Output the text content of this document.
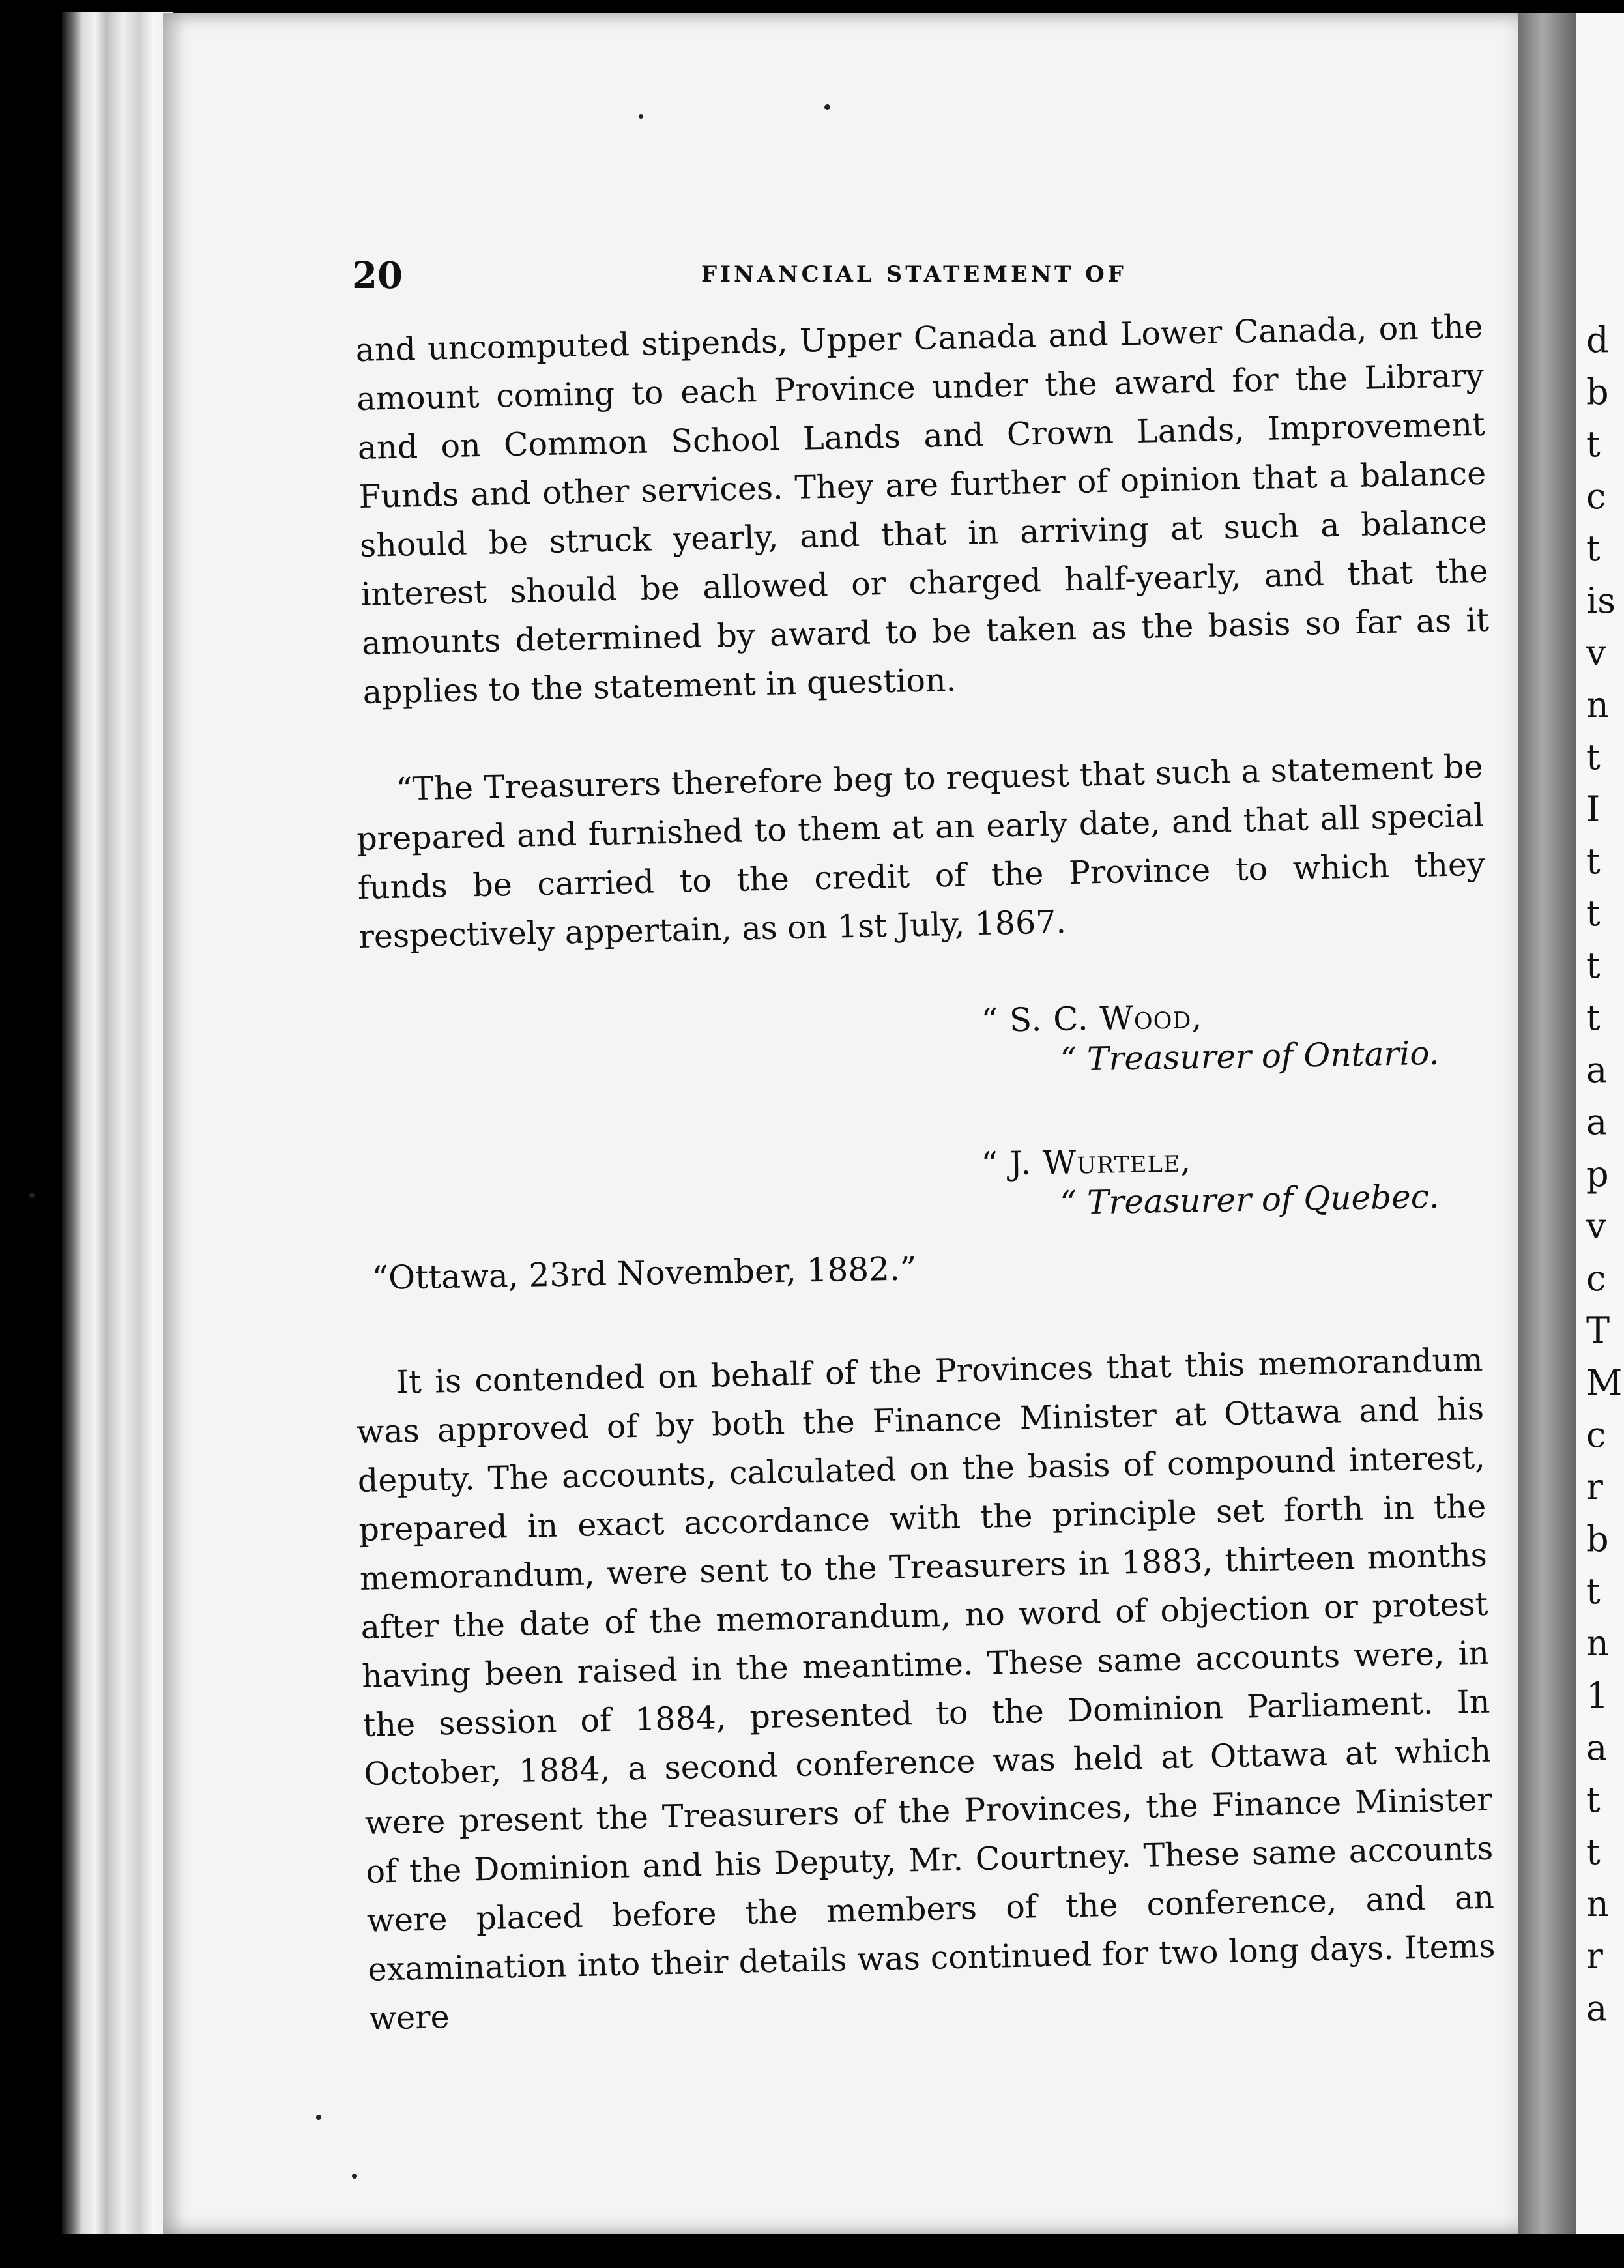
d
b
t
c
t
is
v
n
t
I
t
t
t
t
a
a
p
v
c
T
M
c
r
b
t
n
1
a
t
t
n
r
a
20	FINANCIAL STATEMENT OF

and uncomputed stipends, Upper Canada and Lower Canada, on the amount coming to each Province under the award for the Library and on Common School Lands and Crown Lands, Improvement Funds and other services. They are further of opinion that a balance should be struck yearly, and that in arriving at such a balance interest should be allowed or charged half-yearly, and that the amounts determined by award to be taken as the basis so far as it applies to the statement in question.

“The Treasurers therefore beg to request that such a statement be prepared and furnished to them at an early date, and that all special funds be carried to the credit of the Province to which they respectively appertain, as on 1st July, 1867.

“ S. C. Wood,
“ Treasurer of Ontario.
“ J. Wurtele,
“ Treasurer of Quebec.
“Ottawa, 23rd November, 1882.”

It is contended on behalf of the Provinces that this memorandum was approved of by both the Finance Minister at Ottawa and his deputy. The accounts, calculated on the basis of compound interest, prepared in exact accordance with the principle set forth in the memorandum, were sent to the Treasurers in 1883, thirteen months after the date of the memorandum, no word of objection or protest having been raised in the meantime. These same accounts were, in the session of 1884, presented to the Dominion Parliament. In October, 1884, a second conference was held at Ottawa at which were present the Treasurers of the Provinces, the Finance Minister of the Dominion and his Deputy, Mr. Courtney. These same accounts were placed before the members of the conference, and an examination into their details was continued for two long days. Items were
